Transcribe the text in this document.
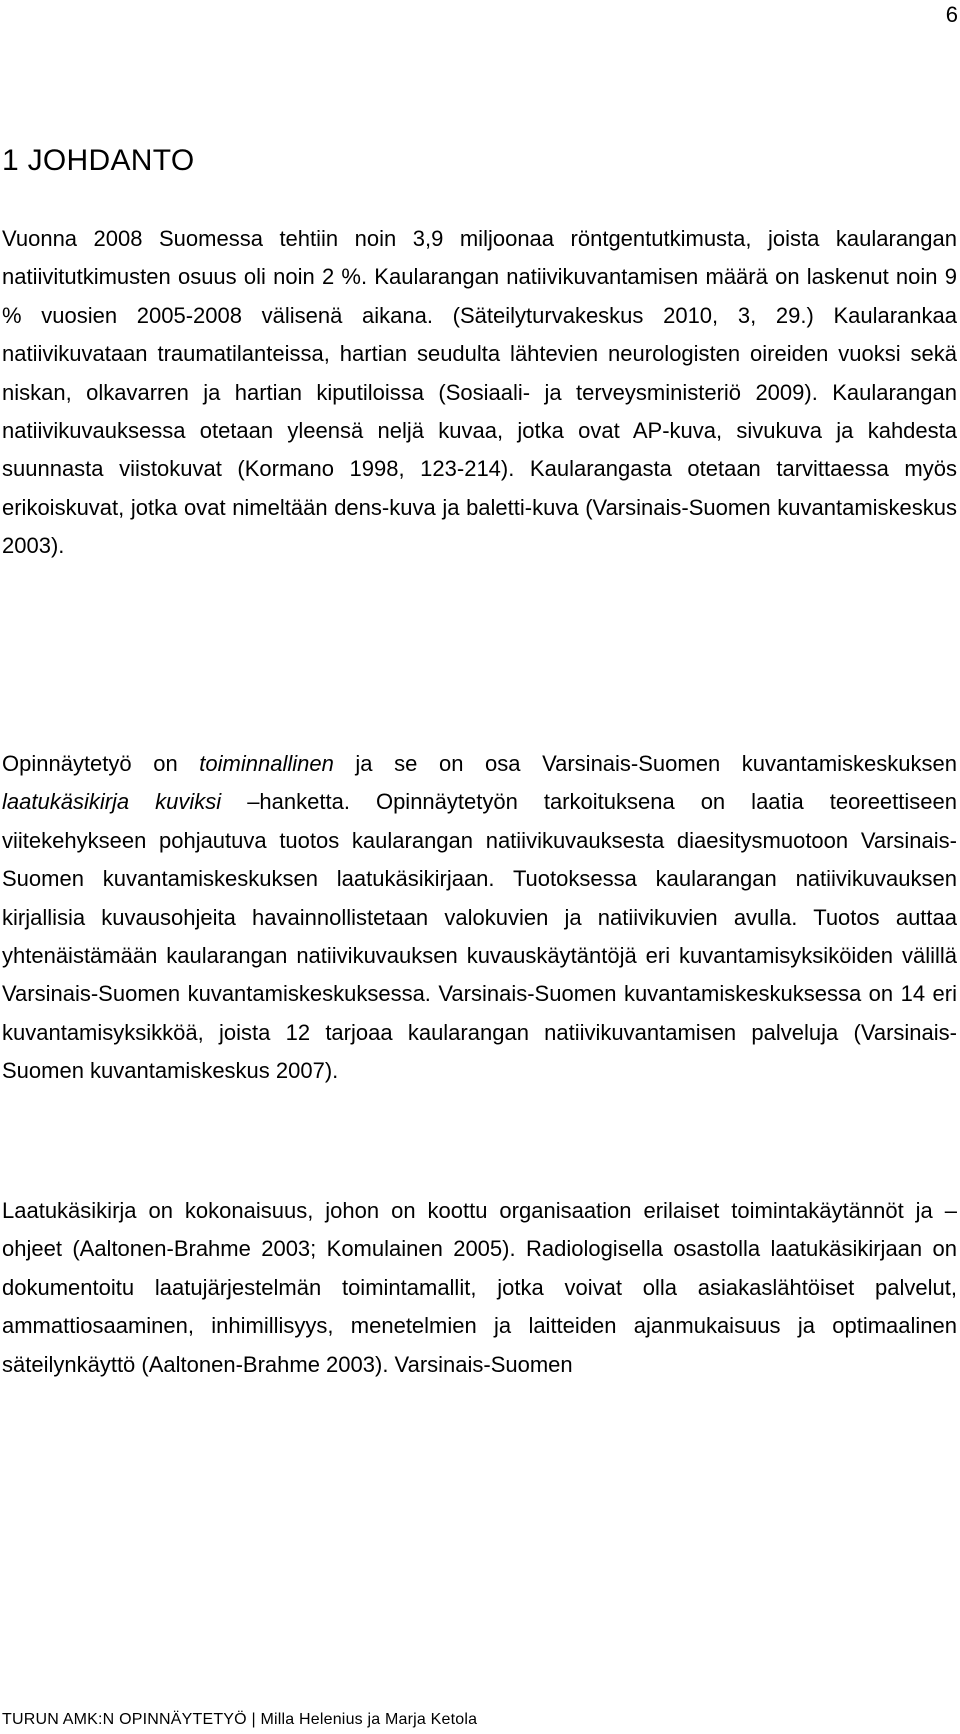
6
1 JOHDANTO

Vuonna 2008 Suomessa tehtiin noin 3,9 miljoonaa röntgentutkimusta, joista kaularangan natiivitutkimusten osuus oli noin 2 %. Kaularangan natiivikuvantamisen määrä on laskenut noin 9 % vuosien 2005-2008 välisenä aikana. (Säteilyturvakeskus 2010, 3, 29.) Kaularankaa natiivikuvataan traumatilanteissa, hartian seudulta lähtevien neurologisten oireiden vuoksi sekä niskan, olkavarren ja hartian kiputiloissa (Sosiaali- ja terveysministeriö 2009). Kaularangan natiivikuvauksessa otetaan yleensä neljä kuvaa, jotka ovat AP-kuva, sivukuva ja kahdesta suunnasta viistokuvat (Kormano 1998, 123-214). Kaularangasta otetaan tarvittaessa myös erikoiskuvat, jotka ovat nimeltään dens-kuva ja baletti-kuva (Varsinais-Suomen kuvantamiskeskus 2003).

Opinnäytetyö on toiminnallinen ja se on osa Varsinais-Suomen kuvantamiskeskuksen laatukäsikirja kuviksi –hanketta. Opinnäytetyön tarkoituksena on laatia teoreettiseen viitekehykseen pohjautuva tuotos kaularangan natiivikuvauksesta diaesitysmuotoon Varsinais-Suomen kuvantamiskeskuksen laatukäsikirjaan. Tuotoksessa kaularangan natiivikuvauksen kirjallisia kuvausohjeita havainnollistetaan valokuvien ja natiivikuvien avulla. Tuotos auttaa yhtenäistämään kaularangan natiivikuvauksen kuvauskäytäntöjä eri kuvantamisyksiköiden välillä Varsinais-Suomen kuvantamiskeskuksessa. Varsinais-Suomen kuvantamiskeskuksessa on 14 eri kuvantamisyksikköä, joista 12 tarjoaa kaularangan natiivikuvantamisen palveluja (Varsinais-Suomen kuvantamiskeskus 2007).

Laatukäsikirja on kokonaisuus, johon on koottu organisaation erilaiset toimintakäytännöt ja – ohjeet (Aaltonen-Brahme 2003; Komulainen 2005). Radiologisella osastolla laatukäsikirjaan on dokumentoitu laatujärjestelmän toimintamallit, jotka voivat olla asiakaslähtöiset palvelut, ammattiosaaminen, inhimillisyys, menetelmien ja laitteiden ajanmukaisuus ja optimaalinen säteilynkäyttö (Aaltonen-Brahme 2003). Varsinais-Suomen

TURUN AMK:N OPINNÄYTETYÖ | Milla Helenius ja Marja Ketola
